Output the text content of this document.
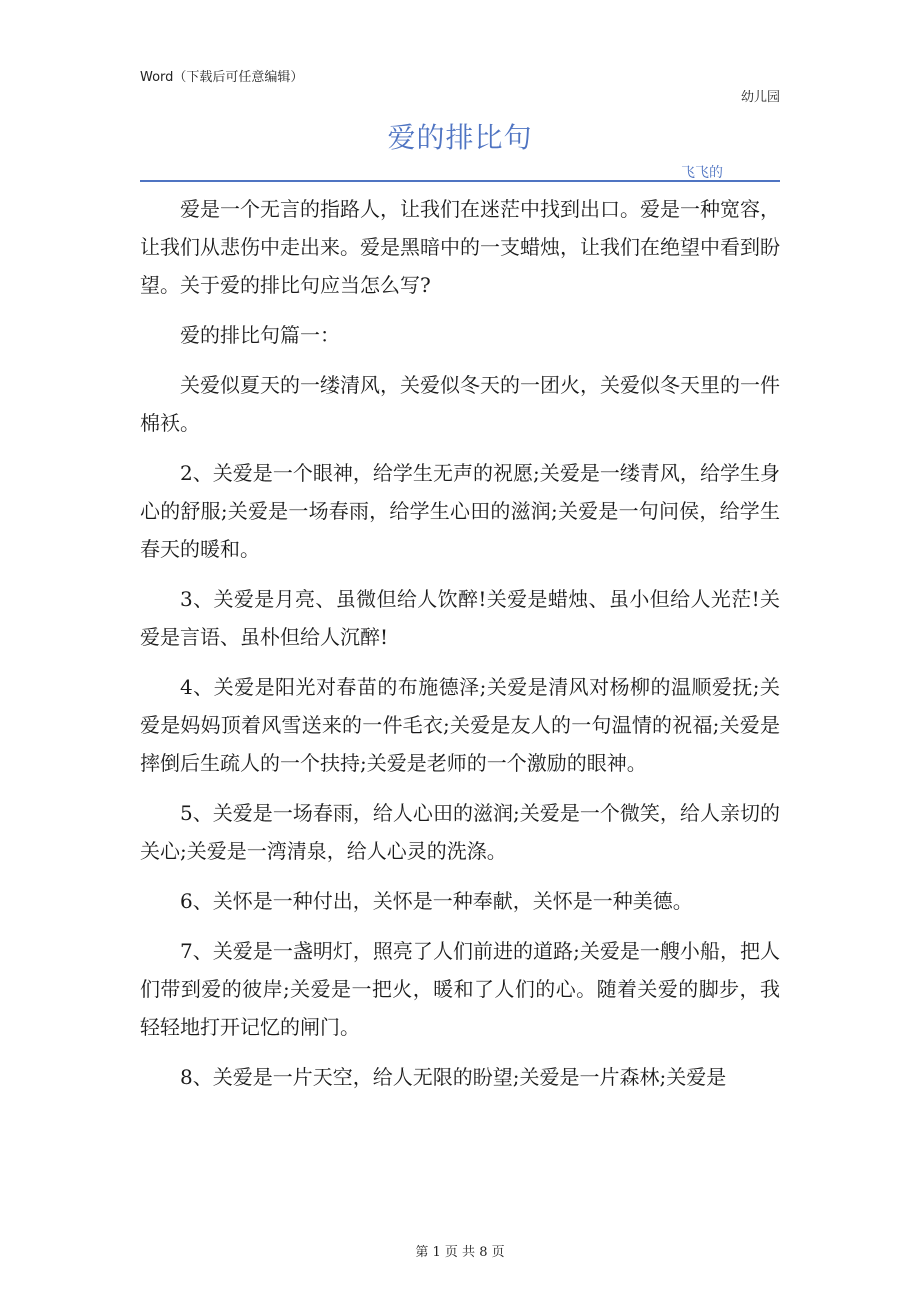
Word（下载后可任意编辑）
幼儿园
爱的排比句
飞飞的

爱是一个无言的指路人，让我们在迷茫中找到出口。爱是一种宽容，让我们从悲伤中走出来。爱是黑暗中的一支蜡烛，让我们在绝望中看到盼望。关于爱的排比句应当怎么写?

爱的排比句篇一：

关爱似夏天的一缕清风，关爱似冬天的一团火，关爱似冬天里的一件棉袄。

2、关爱是一个眼神，给学生无声的祝愿;关爱是一缕青风，给学生身心的舒服;关爱是一场春雨，给学生心田的滋润;关爱是一句问侯，给学生春天的暖和。

3、关爱是月亮、虽微但给人饮醉!关爱是蜡烛、虽小但给人光茫!关爱是言语、虽朴但给人沉醉!

4、关爱是阳光对春苗的布施德泽;关爱是清风对杨柳的温顺爱抚;关爱是妈妈顶着风雪送来的一件毛衣;关爱是友人的一句温情的祝福;关爱是摔倒后生疏人的一个扶持;关爱是老师的一个激励的眼神。

5、关爱是一场春雨，给人心田的滋润;关爱是一个微笑，给人亲切的关心;关爱是一湾清泉，给人心灵的洗涤。

6、关怀是一种付出，关怀是一种奉献，关怀是一种美德。

7、关爱是一盏明灯，照亮了人们前进的道路;关爱是一艘小船，把人们带到爱的彼岸;关爱是一把火，暖和了人们的心。随着关爱的脚步，我轻轻地打开记忆的闸门。

8、关爱是一片天空，给人无限的盼望;关爱是一片森林;关爱是

第 1 页 共 8 页
